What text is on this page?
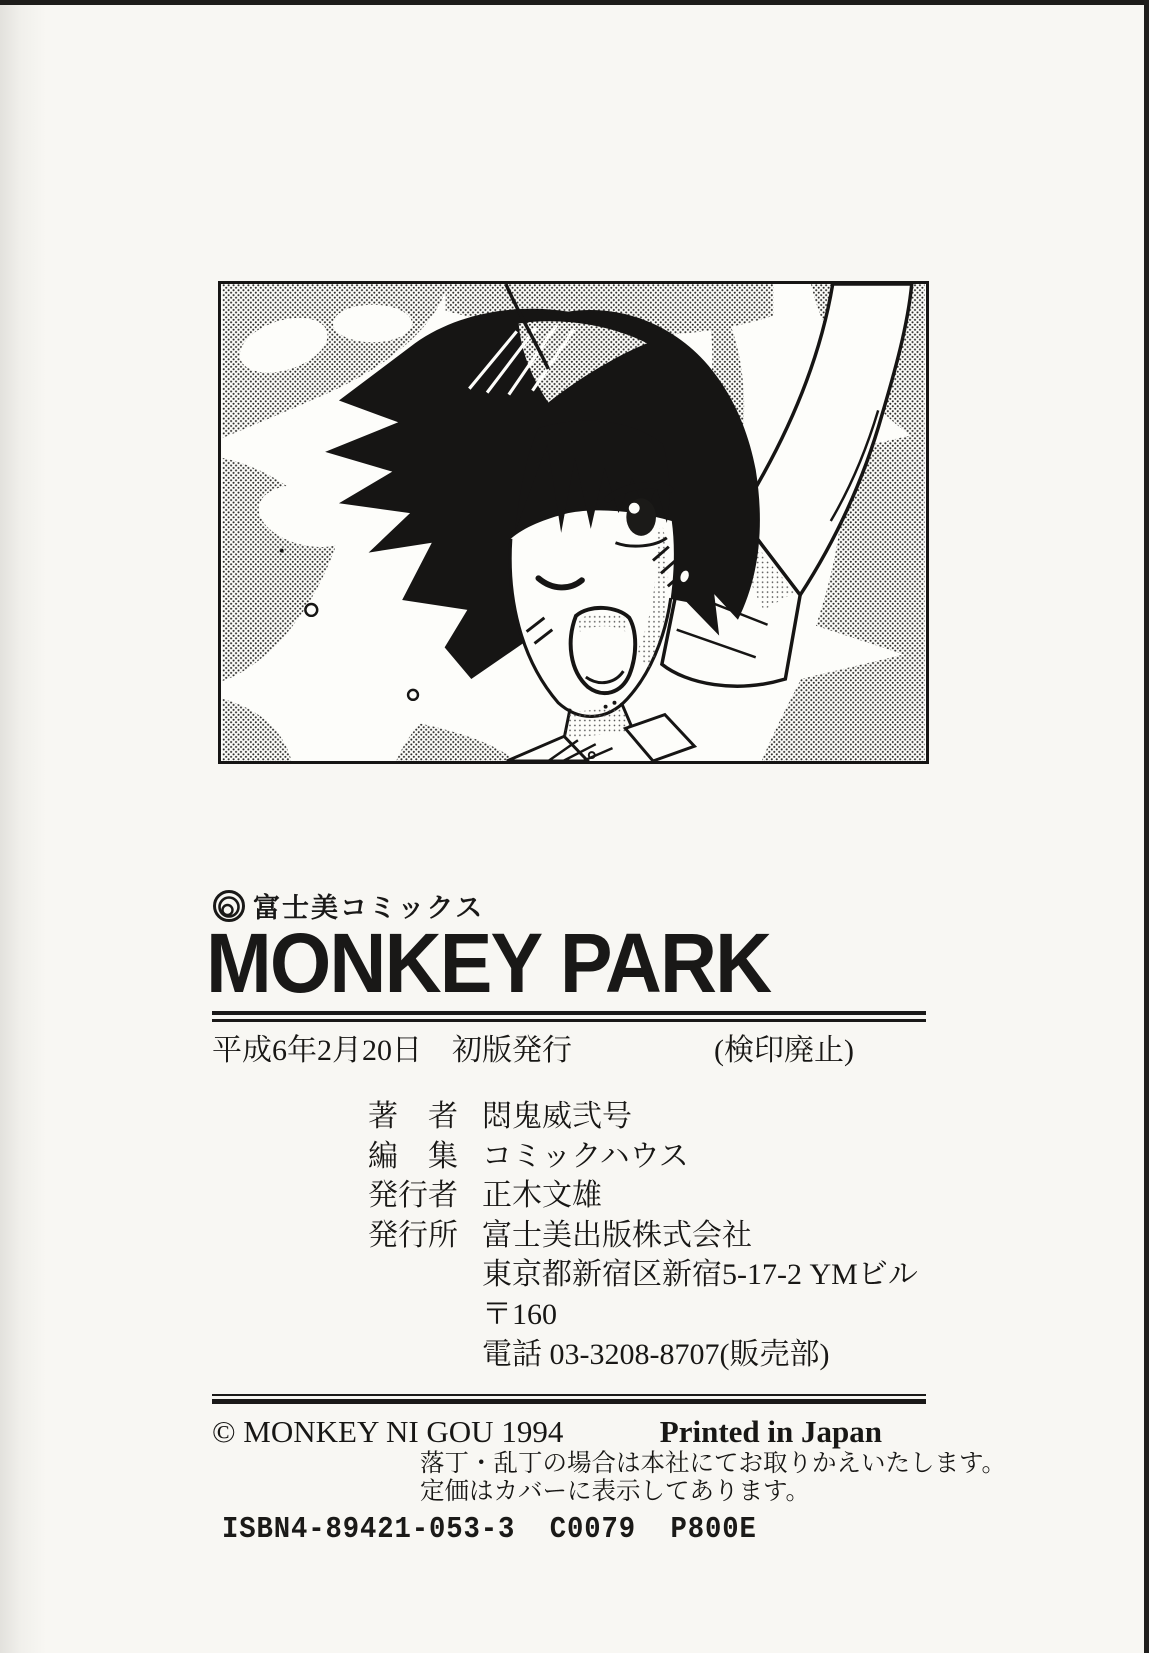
富士美コミックス
MONKEY PARK
平成6年2月20日　初版発行	(検印廃止)
著　者 悶鬼威弐号
編　集 コミックハウス
発行者 正木文雄
発行所 富士美出版株式会社
東京都新宿区新宿5-17-2 YMビル
〒160
電話 03-3208-8707(販売部)
© MONKEY NI GOU 1994	Printed in Japan
落丁・乱丁の場合は本社にてお取りかえいたします。
定価はカバーに表示してあります。
ISBN4-89421-053-3  C0079  P800E
